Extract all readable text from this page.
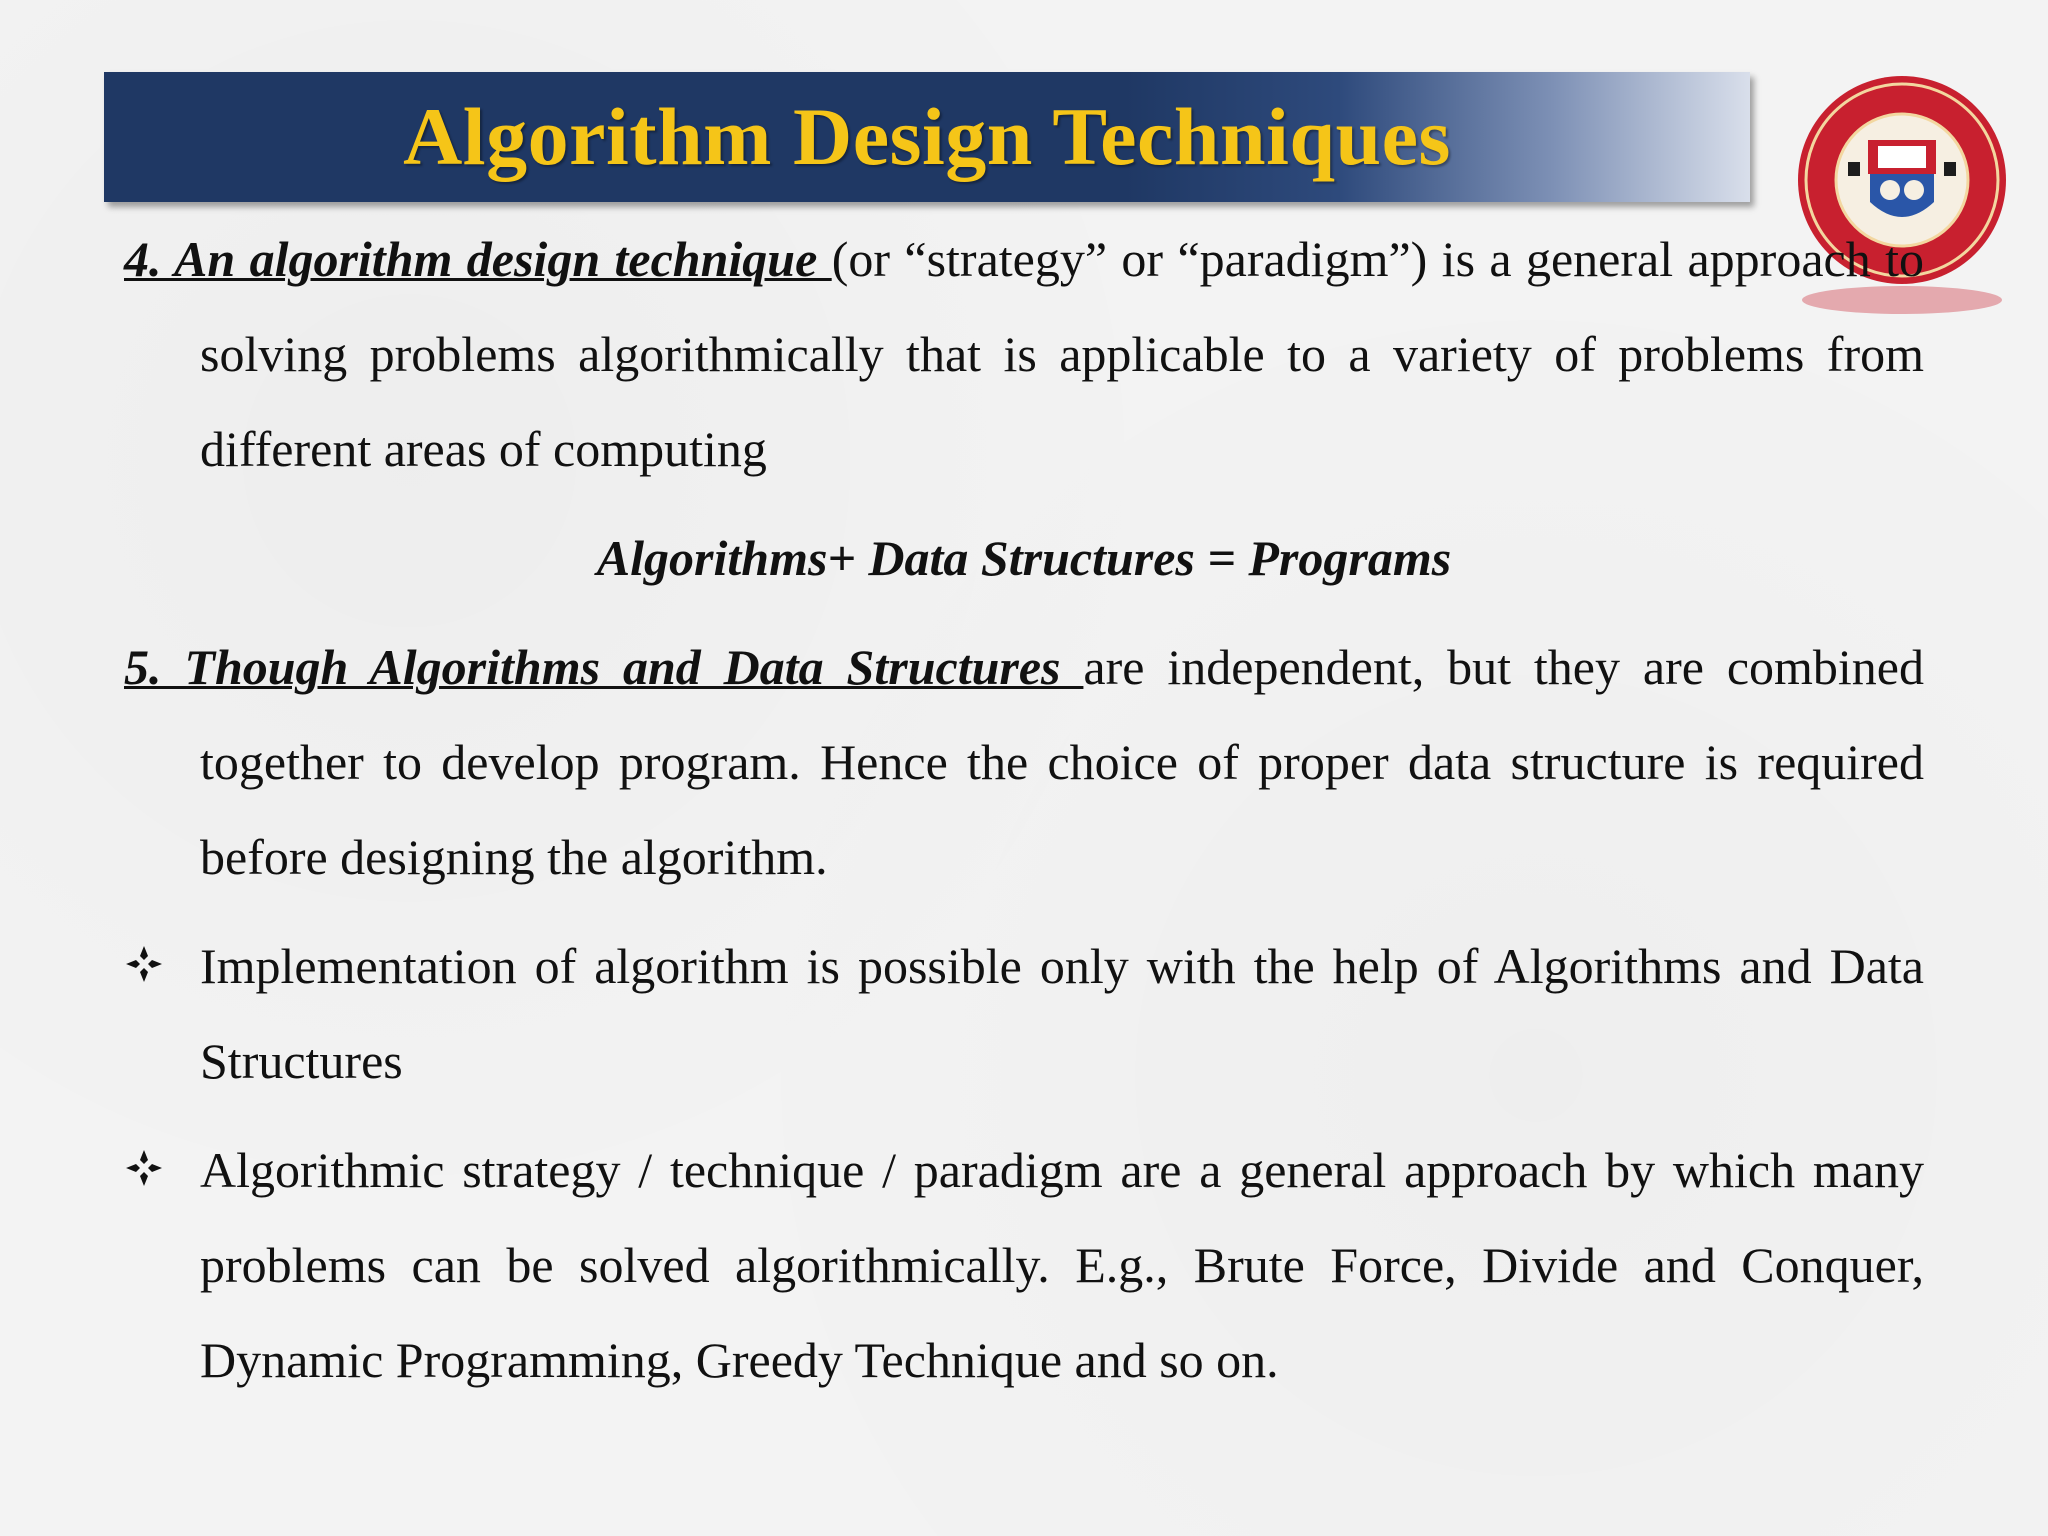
Algorithm Design Techniques
4. An algorithm design technique (or “strategy” or “paradigm”) is a general approach to solving problems algorithmically that is applicable to a variety of problems from different areas of computing
Algorithms+ Data Structures = Programs
5. Though Algorithms and Data Structures are independent, but they are combined together to develop program. Hence the choice of proper data structure is required before designing the algorithm.
Implementation of algorithm is possible only with the help of Algorithms and Data Structures
Algorithmic strategy / technique / paradigm are a general approach by which many problems can be solved algorithmically. E.g., Brute Force, Divide and Conquer, Dynamic Programming, Greedy Technique and so on.
